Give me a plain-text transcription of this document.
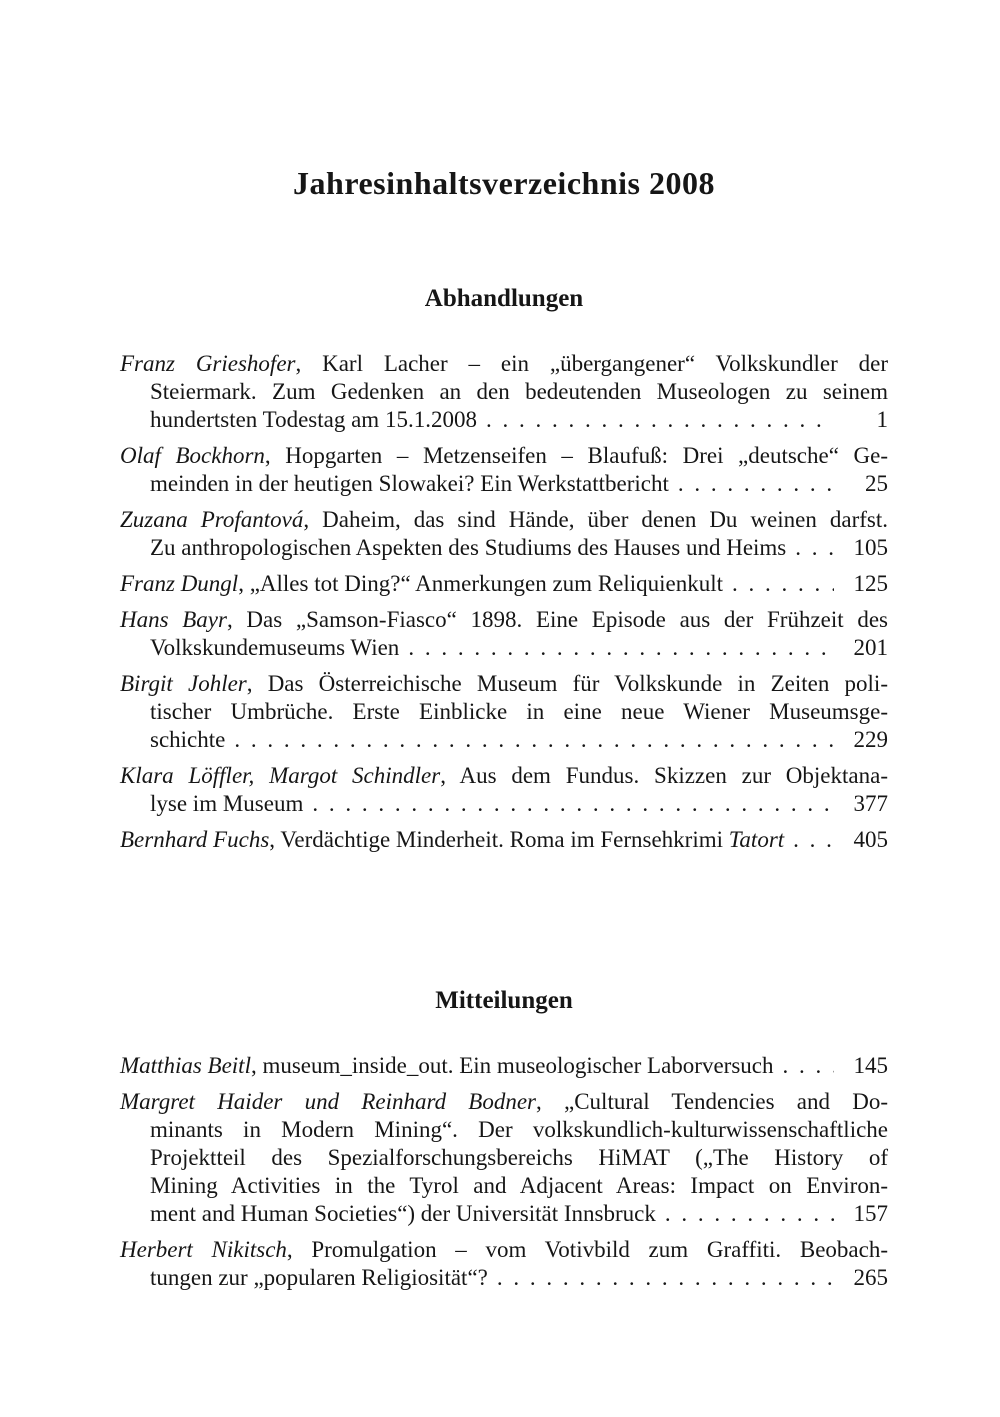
Jahresinhaltsverzeichnis 2008
Abhandlungen
Franz Grieshofer, Karl Lacher – ein „übergangener“ Volkskundler der
Steiermark. Zum Gedenken an den bedeutenden Museologen zu seinem
hundertsten Todestag am 15.1.2008 . . .	1
Olaf Bockhorn, Hopgarten – Metzenseifen – Blaufuß: Drei „deutsche“ Ge-
meinden in der heutigen Slowakei? Ein Werkstattbericht . . .	25
Zuzana Profantová, Daheim, das sind Hände, über denen Du weinen darfst.
Zu anthropologischen Aspekten des Studiums des Hauses und Heims . . .	105
Franz Dungl, „Alles tot Ding?“ Anmerkungen zum Reliquienkult . . .	125
Hans Bayr, Das „Samson-Fiasco“ 1898. Eine Episode aus der Frühzeit des
Volkskundemuseums Wien . . .	201
Birgit Johler, Das Österreichische Museum für Volkskunde in Zeiten poli-
tischer Umbrüche. Erste Einblicke in eine neue Wiener Museumsge-
schichte . . .	229
Klara Löffler, Margot Schindler, Aus dem Fundus. Skizzen zur Objektana-
lyse im Museum . . .	377
Bernhard Fuchs, Verdächtige Minderheit. Roma im Fernsehkrimi Tatort . . .	405
Mitteilungen
Matthias Beitl, museum_inside_out. Ein museologischer Laborversuch . . .	145
Margret Haider und Reinhard Bodner, „Cultural Tendencies and Do-
minants in Modern Mining“. Der volkskundlich-kulturwissenschaftliche
Projektteil des Spezialforschungsbereichs HiMAT („The History of
Mining Activities in the Tyrol and Adjacent Areas: Impact on Environ-
ment and Human Societies“) der Universität Innsbruck . . .	157
Herbert Nikitsch, Promulgation – vom Votivbild zum Graffiti. Beobach-
tungen zur „popularen Religiosität“? . . .	265
